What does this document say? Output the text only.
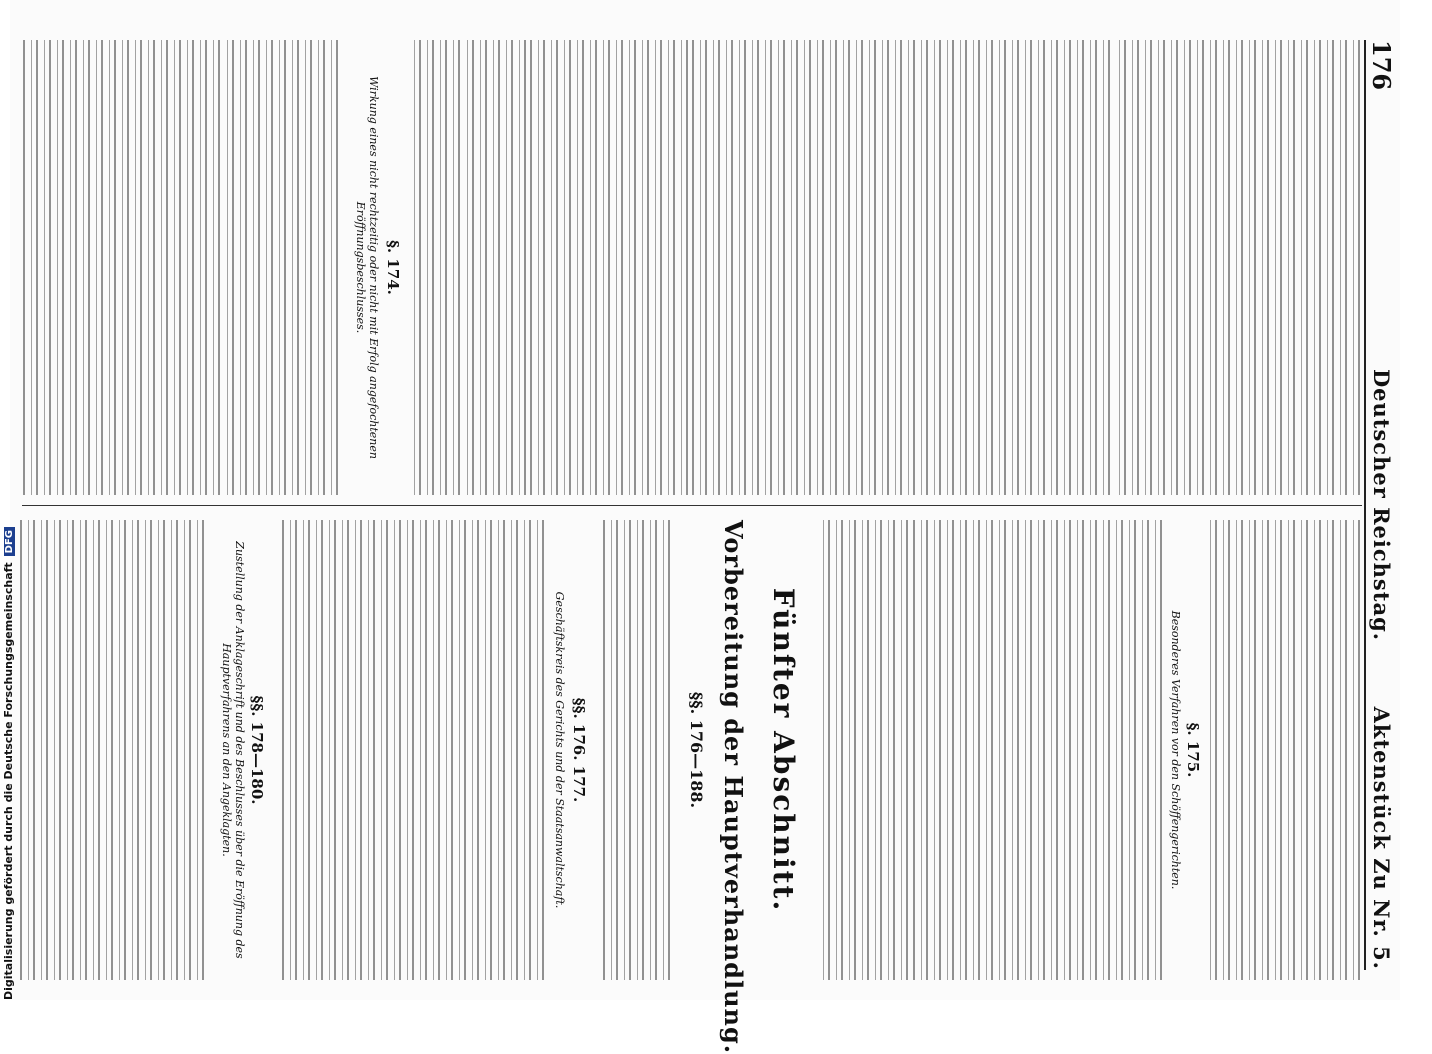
176
Deutscher Reichstag.
Aktenstück Zu Nr. 5.
§. 174.
Wirkung eines nicht rechtzeitig oder nicht mit Erfolg angefochtenen Eröffnungsbeschlusses.
§. 175.
Besonderes Verfahren vor den Schöffengerichten.
Fünfter Abschnitt.
Vorbereitung der Hauptverhandlung.
§§. 176—188.
§§. 176. 177.
Geschäftskreis des Gerichts und der Staatsanwaltschaft.
§§. 178—180.
Zustellung der Anklageschrift und des Beschlusses über die Eröffnung des Hauptverfahrens an den Angeklagten.
Digitalisierung gefördert durch die Deutsche ForschungsgemeinschaftDFG
